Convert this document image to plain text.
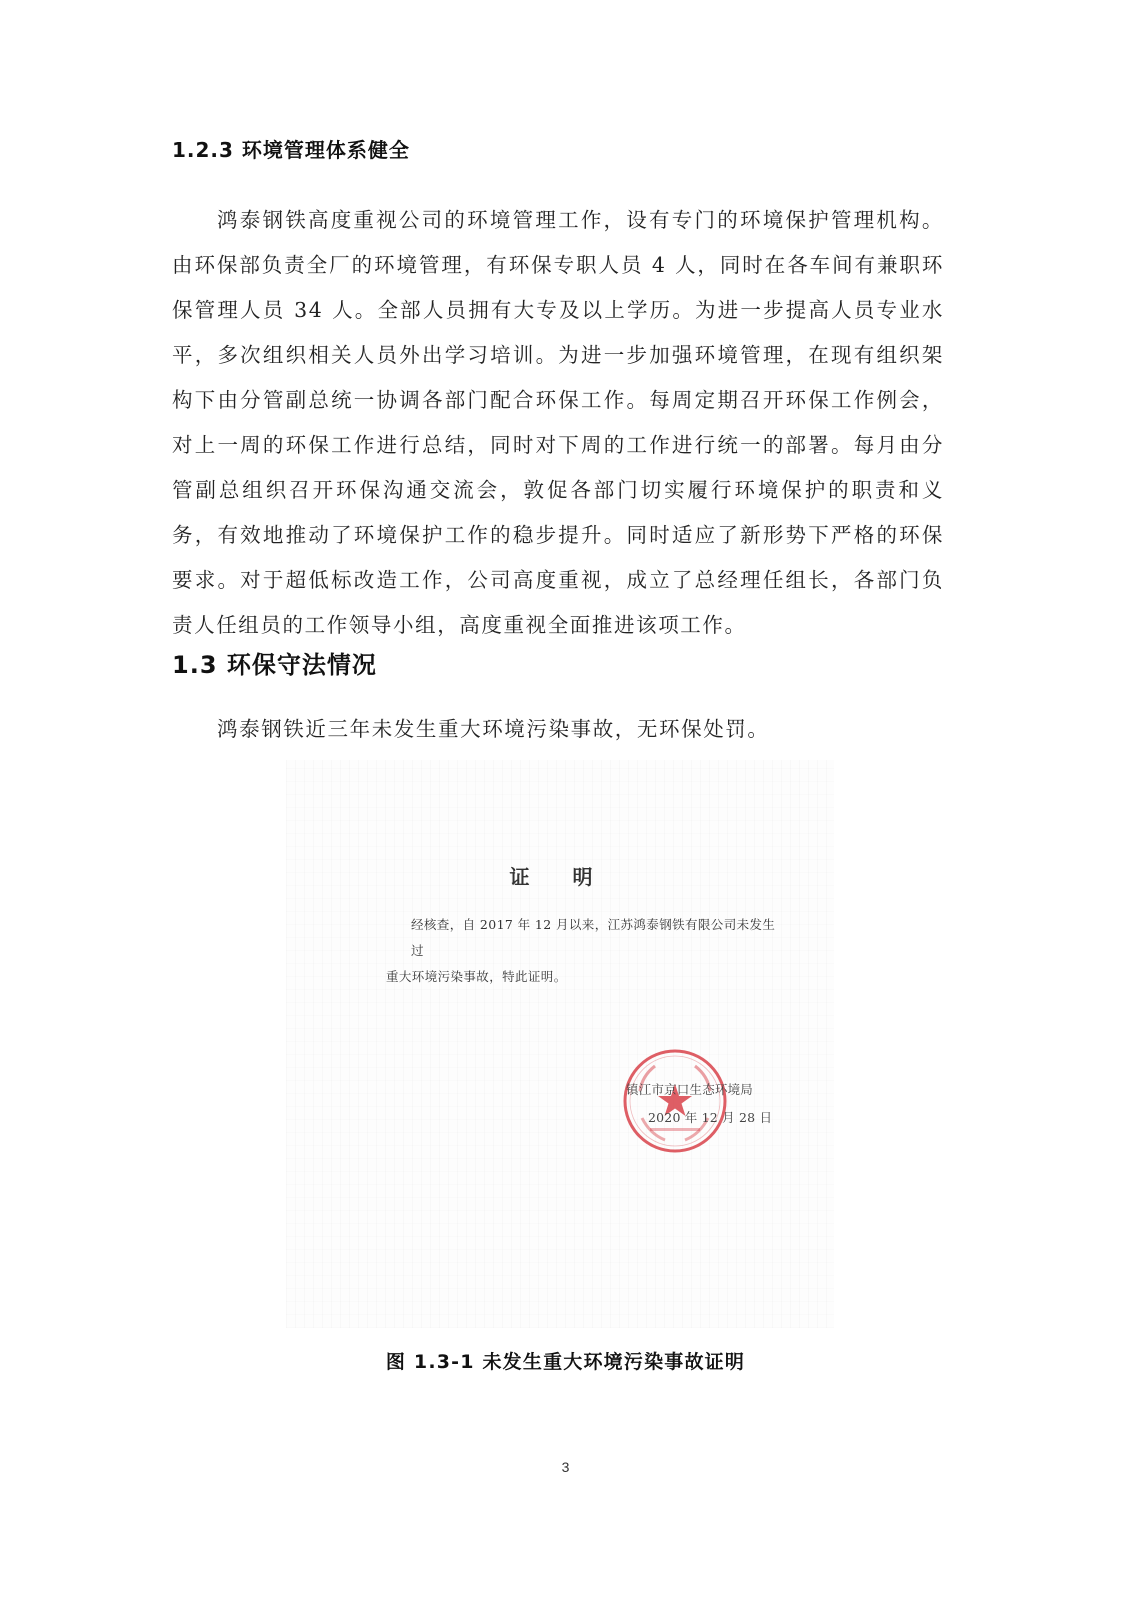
1.2.3 环境管理体系健全
鸿泰钢铁高度重视公司的环境管理工作，设有专门的环境保护管理机构。由环保部负责全厂的环境管理，有环保专职人员 4 人，同时在各车间有兼职环保管理人员 34 人。全部人员拥有大专及以上学历。为进一步提高人员专业水平，多次组织相关人员外出学习培训。为进一步加强环境管理，在现有组织架构下由分管副总统一协调各部门配合环保工作。每周定期召开环保工作例会，对上一周的环保工作进行总结，同时对下周的工作进行统一的部署。每月由分管副总组织召开环保沟通交流会，敦促各部门切实履行环境保护的职责和义务，有效地推动了环境保护工作的稳步提升。同时适应了新形势下严格的环保要求。对于超低标改造工作，公司高度重视，成立了总经理任组长，各部门负责人任组员的工作领导小组，高度重视全面推进该项工作。
1.3 环保守法情况
鸿泰钢铁近三年未发生重大环境污染事故，无环保处罚。
证 明
经核查，自 2017 年 12 月以来，江苏鸿泰钢铁有限公司未发生过
重大环境污染事故，特此证明。
镇江市京口生态环境局
2020 年 12 月 28 日
图 1.3-1 未发生重大环境污染事故证明
3
